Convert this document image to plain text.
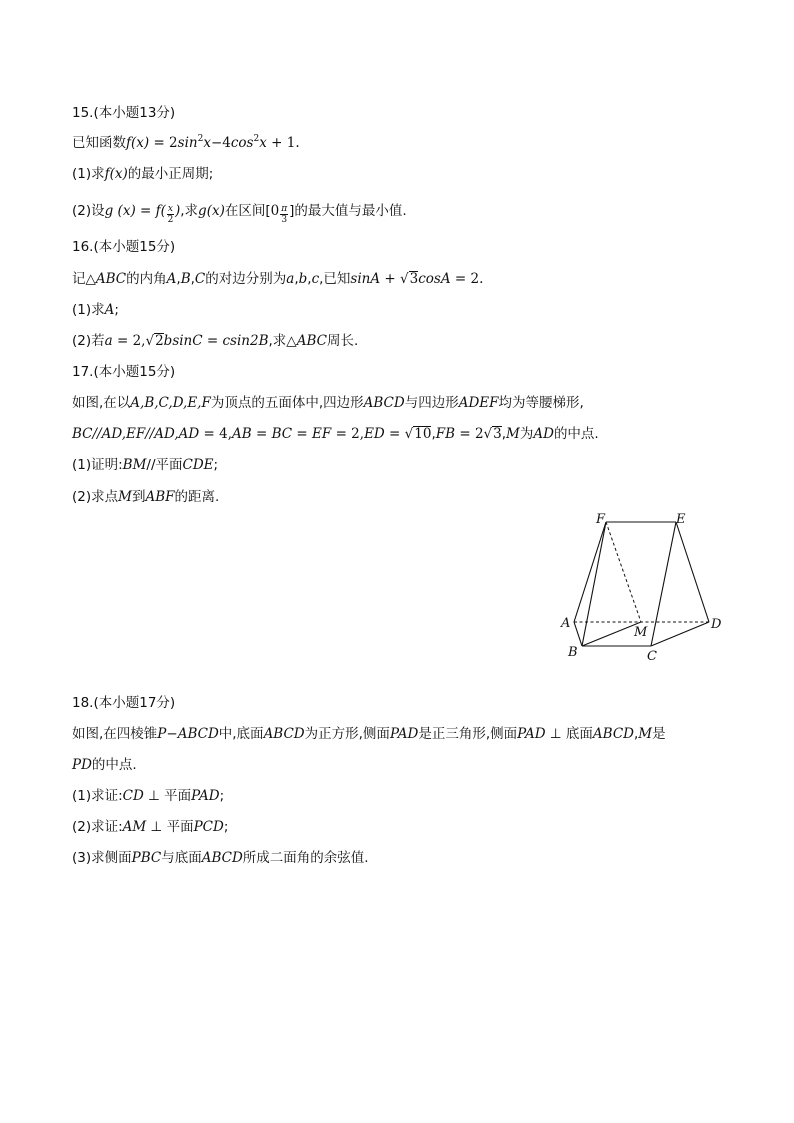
15.(本小题13分)
已知函数$f(x) = 2\sin^2x-4\cos^2x + 1$.
(1)求f(x)的最小正周期;
(2)设g $(x) = f( \frac{x}{2}$ ),求g(x)在区间[$0 \frac{\pi}{3}$ ]的最大值与最小值.
16.(本小题15分)
记△ABC的内角A,B,C的对边分别为a,b,c,已知sinA + √3cosA = 2.
(1)求A;
(2)若a = 2,√2bsinC = csin2B,求△ABC周长.
17.(本小题15分)
如图,在以A,B,C,D,E,F为顶点的五面体中,四边形ABCD与四边形ADEF均为等腰梯形,
BC//AD,EF//AD,AD = 4,AB = BC = EF = 2,ED = √10,FB = 2√3,M为AD的中点.
(1)证明:BM//平面CDE;
(2)求点M到ABF的距离.
F	E
A
M
D
B	C
18.(本小题17分)
如图,在四棱锥P−ABCD中,底面ABCD为正方形,侧面PAD是正三角形,侧面PAD ⊥ 底面ABCD,M是
PD的中点.
(1)求证:CD ⊥ 平面PAD;
(2)求证:AM ⊥ 平面PCD;
(3)求侧面PBC与底面ABCD所成二面角的余弦值.
